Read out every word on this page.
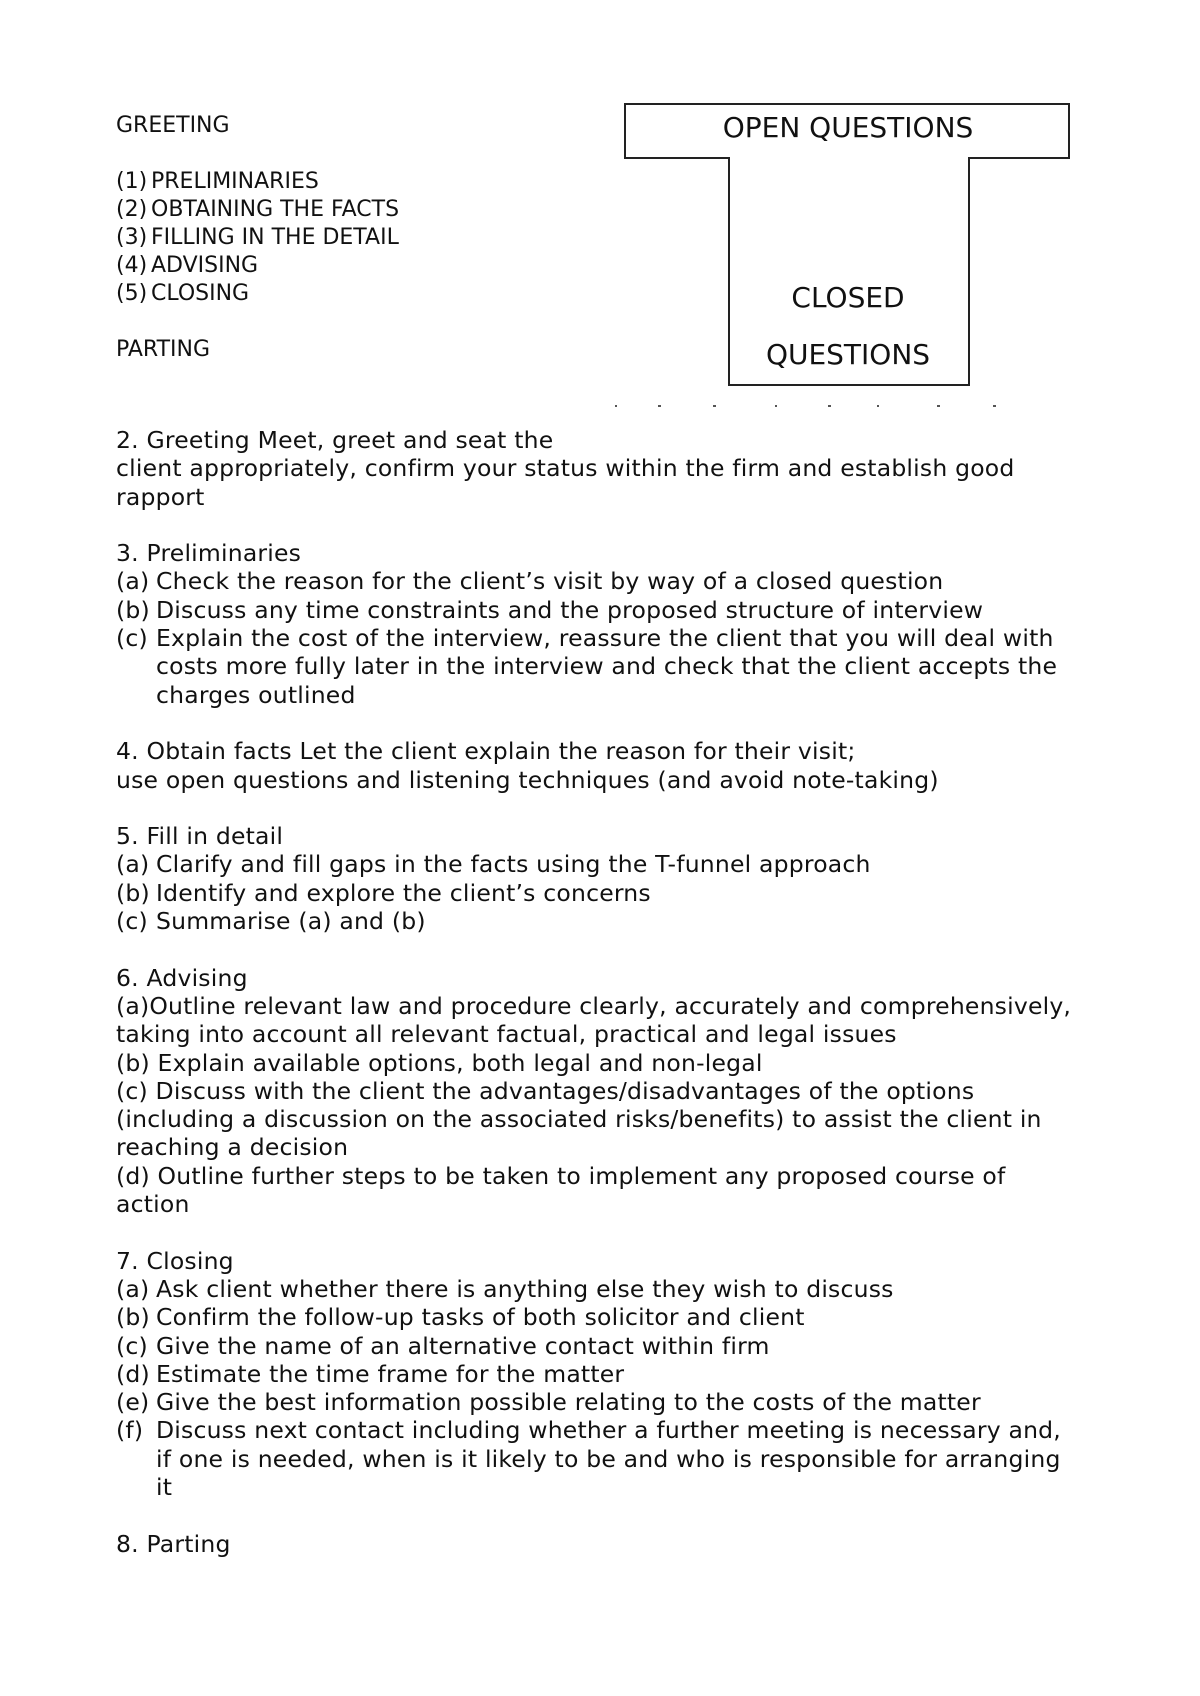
GREETING
(1) PRELIMINARIES
(2) OBTAINING THE FACTS
(3) FILLING IN THE DETAIL
(4) ADVISING
(5) CLOSING
PARTING
OPEN QUESTIONS
CLOSED
QUESTIONS
2. Greeting Meet, greet and seat the
client appropriately, confirm your status within the firm and establish good
rapport
3. Preliminaries
(a) Check the reason for the client’s visit by way of a closed question
(b) Discuss any time constraints and the proposed structure of interview
(c) Explain the cost of the interview, reassure the client that you will deal with
costs more fully later in the interview and check that the client accepts the
charges outlined
4. Obtain facts Let the client explain the reason for their visit;
use open questions and listening techniques (and avoid note-taking)
5. Fill in detail
(a) Clarify and fill gaps in the facts using the T-funnel approach
(b) Identify and explore the client’s concerns
(c) Summarise (a) and (b)
6. Advising
(a)Outline relevant law and procedure clearly, accurately and comprehensively,
taking into account all relevant factual, practical and legal issues
(b) Explain available options, both legal and non-legal
(c) Discuss with the client the advantages/disadvantages of the options
(including a discussion on the associated risks/benefits) to assist the client in
reaching a decision
(d) Outline further steps to be taken to implement any proposed course of
action
7. Closing
(a) Ask client whether there is anything else they wish to discuss
(b) Confirm the follow-up tasks of both solicitor and client
(c) Give the name of an alternative contact within firm
(d) Estimate the time frame for the matter
(e) Give the best information possible relating to the costs of the matter
(f) Discuss next contact including whether a further meeting is necessary and,
if one is needed, when is it likely to be and who is responsible for arranging
it
8. Parting
